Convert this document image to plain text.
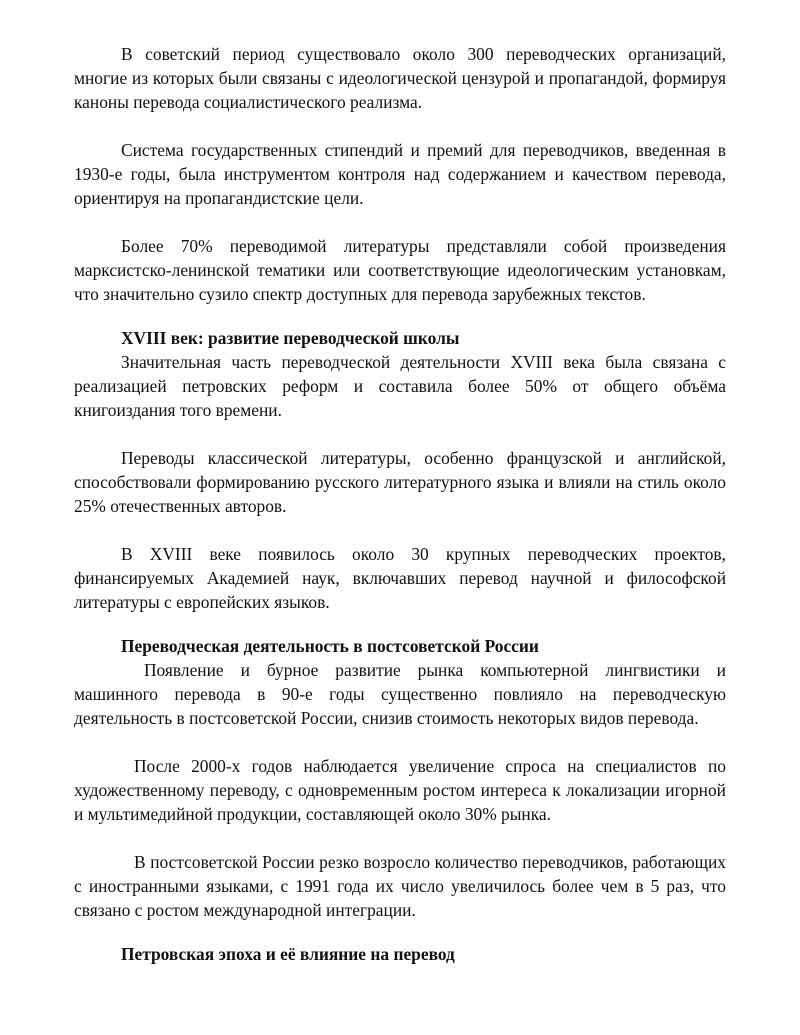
В советский период существовало около 300 переводческих организаций, многие из которых были связаны с идеологической цензурой и пропагандой, формируя каноны перевода социалистического реализма.

Система государственных стипендий и премий для переводчиков, введенная в 1930-е годы, была инструментом контроля над содержанием и качеством перевода, ориентируя на пропагандистские цели.

Более 70% переводимой литературы представляли собой произведения марксистско-ленинской тематики или соответствующие идеологическим установкам, что значительно сузило спектр доступных для перевода зарубежных текстов.

XVIII век: развитие переводческой школы

Значительная часть переводческой деятельности XVIII века была связана с реализацией петровских реформ и составила более 50% от общего объёма книгоиздания того времени.

Переводы классической литературы, особенно французской и английской, способствовали формированию русского литературного языка и влияли на стиль около 25% отечественных авторов.

В XVIII веке появилось около 30 крупных переводческих проектов, финансируемых Академией наук, включавших перевод научной и философской литературы с европейских языков.

Переводческая деятельность в постсоветской России

Появление и бурное развитие рынка компьютерной лингвистики и машинного перевода в 90-е годы существенно повлияло на переводческую деятельность в постсоветской России, снизив стоимость некоторых видов перевода.

После 2000-х годов наблюдается увеличение спроса на специалистов по художественному переводу, с одновременным ростом интереса к локализации игорной и мультимедийной продукции, составляющей около 30% рынка.

В постсоветской России резко возросло количество переводчиков, работающих с иностранными языками, с 1991 года их число увеличилось более чем в 5 раз, что связано с ростом международной интеграции.

Петровская эпоха и её влияние на перевод
